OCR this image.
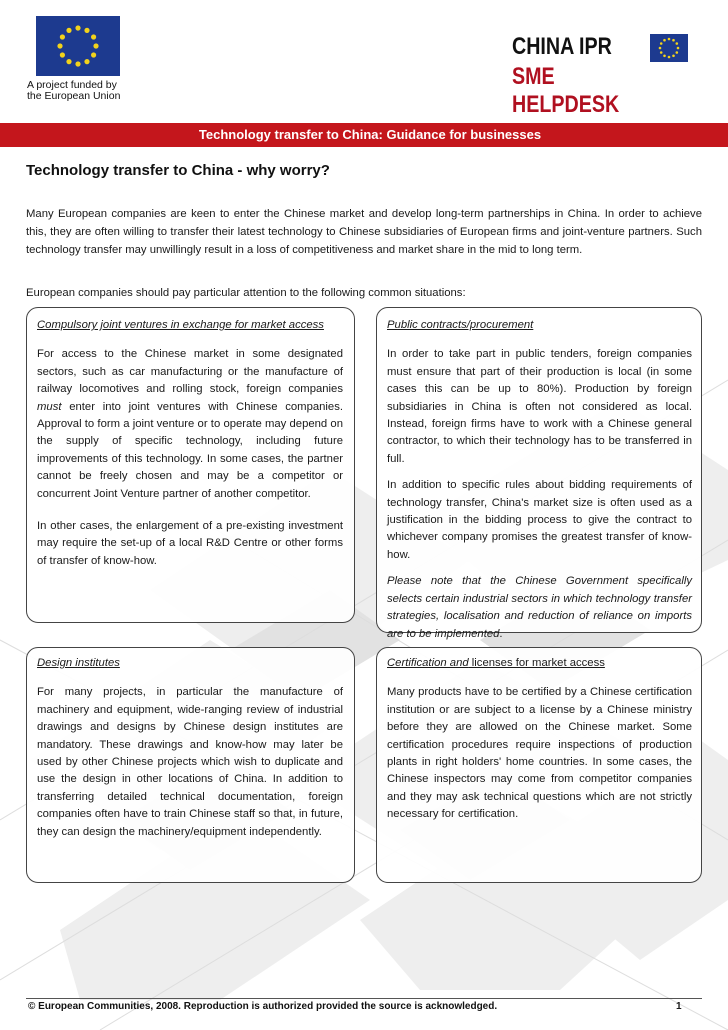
A project funded by
the European Union
CHINA IPR
SME HELPDESK
Technology transfer to China: Guidance for businesses
Technology transfer to China - why worry?

Many European companies are keen to enter the Chinese market and develop long-term partnerships in China. In order to achieve this, they are often willing to transfer their latest technology to Chinese subsidiaries of European firms and joint-venture partners. Such technology transfer may unwillingly result in a loss of competitiveness and market share in the mid to long term.

European companies should pay particular attention to the following common situations:

Compulsory joint ventures in exchange for market access

For access to the Chinese market in some designated sectors, such as car manufacturing or the manufacture of railway locomotives and rolling stock, foreign companies must enter into joint ventures with Chinese companies. Approval to form a joint venture or to operate may depend on the supply of specific technology, including future improvements of this technology. In some cases, the partner cannot be freely chosen and may be a competitor or concurrent Joint Venture partner of another competitor.

In other cases, the enlargement of a pre-existing investment may require the set-up of a local R&D Centre or other forms of transfer of know-how.

Public contracts/procurement

In order to take part in public tenders, foreign companies must ensure that part of their production is local (in some cases this can be up to 80%). Production by foreign subsidiaries in China is often not considered as local. Instead, foreign firms have to work with a Chinese general contractor, to which their technology has to be transferred in full.

In addition to specific rules about bidding requirements of technology transfer, China's market size is often used as a justification in the bidding process to give the contract to whichever company promises the greatest transfer of know-how.

Please note that the Chinese Government specifically selects certain industrial sectors in which technology transfer strategies, localisation and reduction of reliance on imports are to be implemented.

Design institutes

For many projects, in particular the manufacture of machinery and equipment, wide-ranging review of industrial drawings and designs by Chinese design institutes are mandatory. These drawings and know-how may later be used by other Chinese projects which wish to duplicate and use the design in other locations of China. In addition to transferring detailed technical documentation, foreign companies often have to train Chinese staff so that, in future, they can design the machinery/equipment independently.

Certification and licenses for market access

Many products have to be certified by a Chinese certification institution or are subject to a license by a Chinese ministry before they are allowed on the Chinese market. Some certification procedures require inspections of production plants in right holders' home countries. In some cases, the Chinese inspectors may come from competitor companies and they may ask technical questions which are not strictly necessary for certification.

© European Communities, 2008. Reproduction is authorized provided the source is acknowledged.	1
